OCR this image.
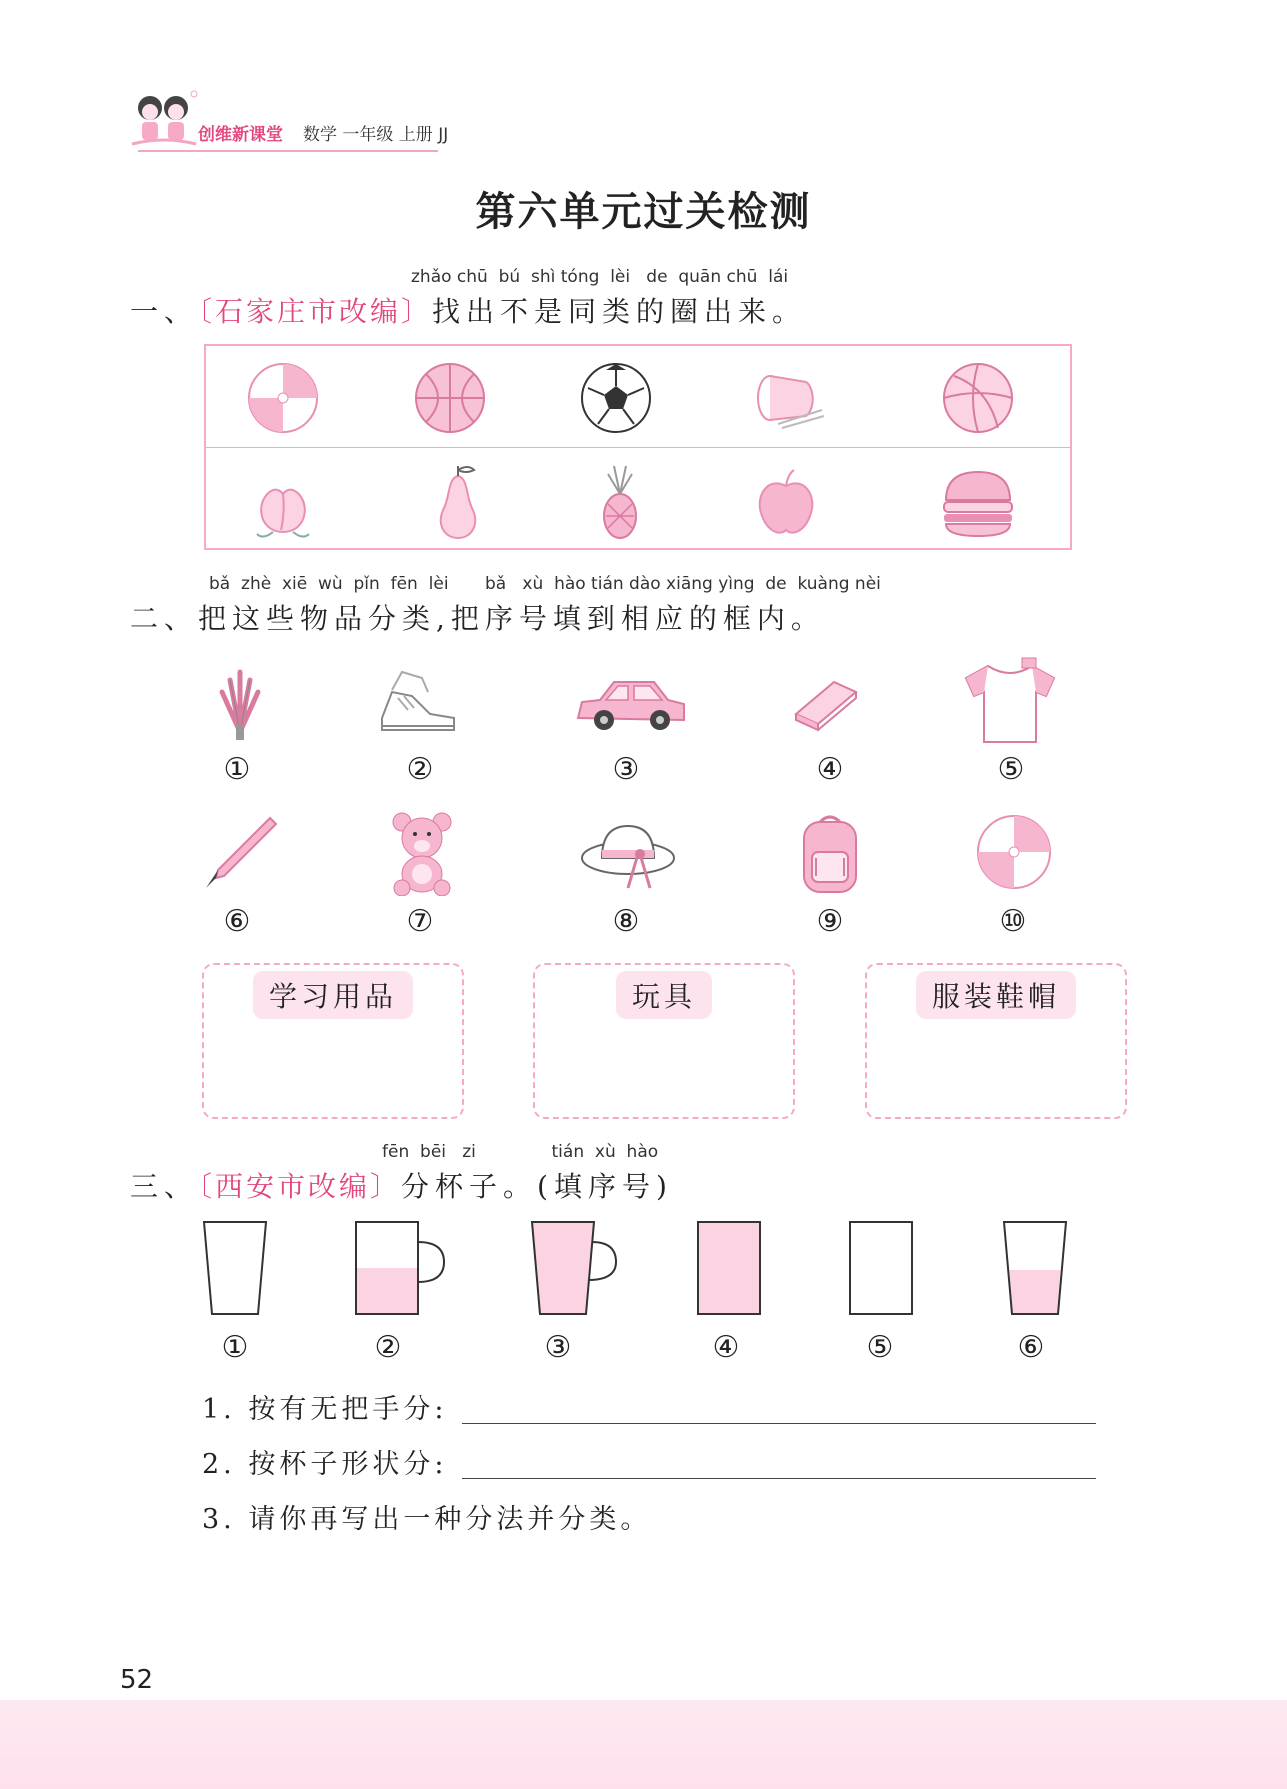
创维新课堂 数学 一年级 上册 JJ
第六单元过关检测
zhǎo chū  bú  shì tóng  lèi   de  quān chū  lái
一、〔石家庄市改编〕找出不是同类的圈出来。
bǎ  zhè  xiē  wù  pǐn  fēn  lèi bǎ   xù  hào tián dào xiāng yìng  de  kuàng nèi
二、把这些物品分类,把序号填到相应的框内。
①	②	③	④	⑤
⑥	⑦	⑧	⑨	⑩
学习用品	玩具	服装鞋帽
fēn  bēi   zi              tián  xù  hào
三、〔西安市改编〕分杯子。(填序号)
①	②	③	④	⑤	⑥
1. 按有无把手分:
2. 按杯子形状分:
3. 请你再写出一种分法并分类。
52
